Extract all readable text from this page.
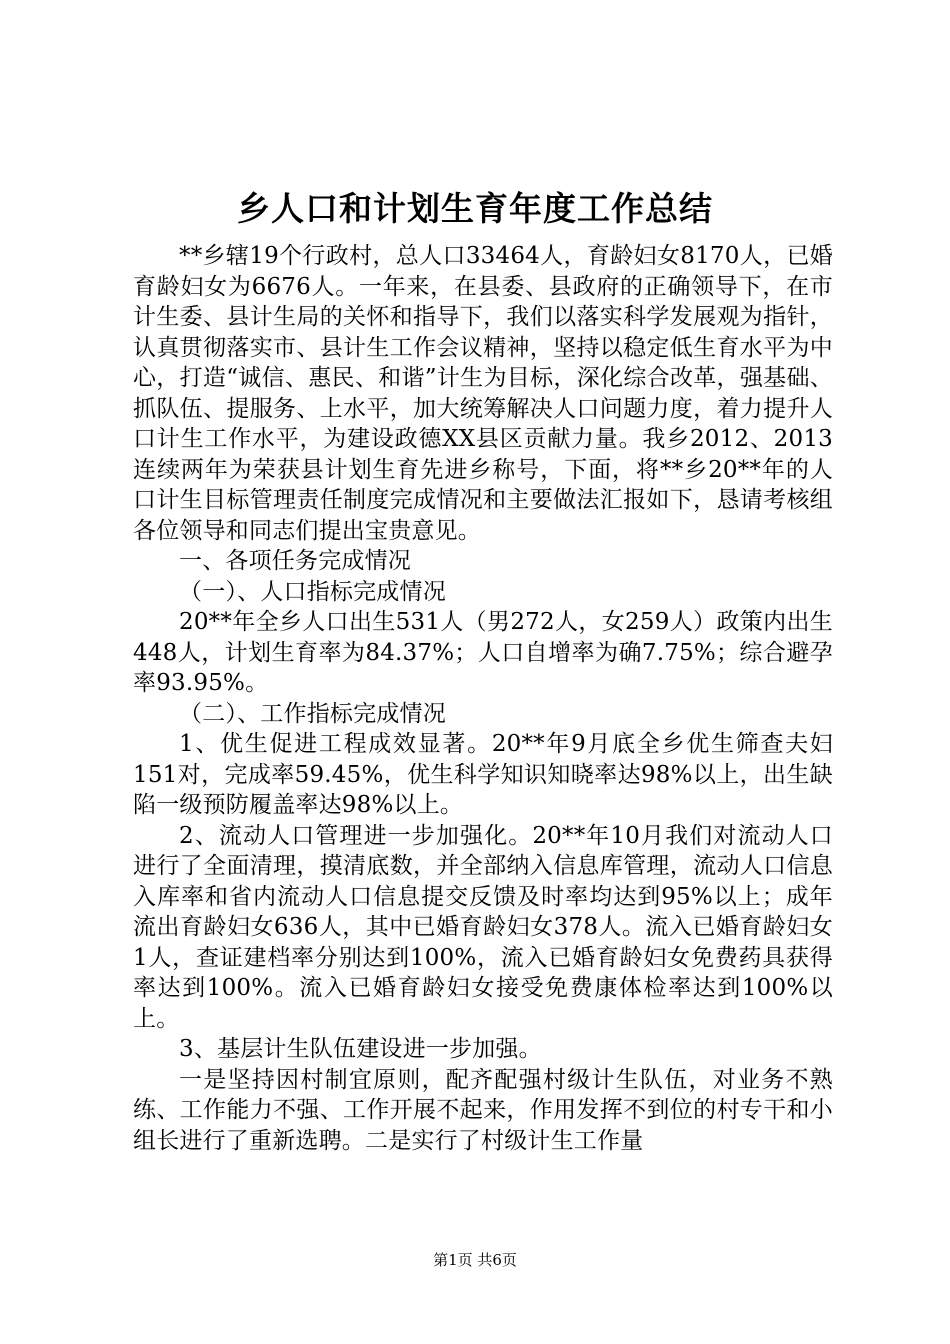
乡人口和计划生育年度工作总结

**乡辖19个行政村，总人口33464人，育龄妇女8170人，已婚育龄妇女为6676人。一年来，在县委、县政府的正确领导下，在市计生委、县计生局的关怀和指导下，我们以落实科学发展观为指针，认真贯彻落实市、县计生工作会议精神，坚持以稳定低生育水平为中心，打造“诚信、惠民、和谐”计生为目标，深化综合改革，强基础、抓队伍、提服务、上水平，加大统筹解决人口问题力度，着力提升人口计生工作水平，为建设政德XX县区贡献力量。我乡2012、2013连续两年为荣获县计划生育先进乡称号，下面，将**乡20**年的人口计生目标管理责任制度完成情况和主要做法汇报如下，恳请考核组各位领导和同志们提出宝贵意见。

一、各项任务完成情况

（一）、人口指标完成情况

20**年全乡人口出生531人（男272人，女259人）政策内出生448人，计划生育率为84.37%；人口自增率为确7.75%；综合避孕率93.95%。

（二）、工作指标完成情况

1、优生促进工程成效显著。20**年9月底全乡优生筛查夫妇151对，完成率59.45%，优生科学知识知晓率达98%以上，出生缺陷一级预防履盖率达98%以上。

2、流动人口管理进一步加强化。20**年10月我们对流动人口进行了全面清理，摸清底数，并全部纳入信息库管理，流动人口信息入库率和省内流动人口信息提交反馈及时率均达到95%以上；成年流出育龄妇女636人，其中已婚育龄妇女378人。流入已婚育龄妇女1人，查证建档率分别达到100%，流入已婚育龄妇女免费药具获得率达到100%。流入已婚育龄妇女接受免费康体检率达到100%以上。

3、基层计生队伍建设进一步加强。

一是坚持因村制宜原则，配齐配强村级计生队伍，对业务不熟练、工作能力不强、工作开展不起来，作用发挥不到位的村专干和小组长进行了重新选聘。二是实行了村级计生工作量

第1页 共6页
